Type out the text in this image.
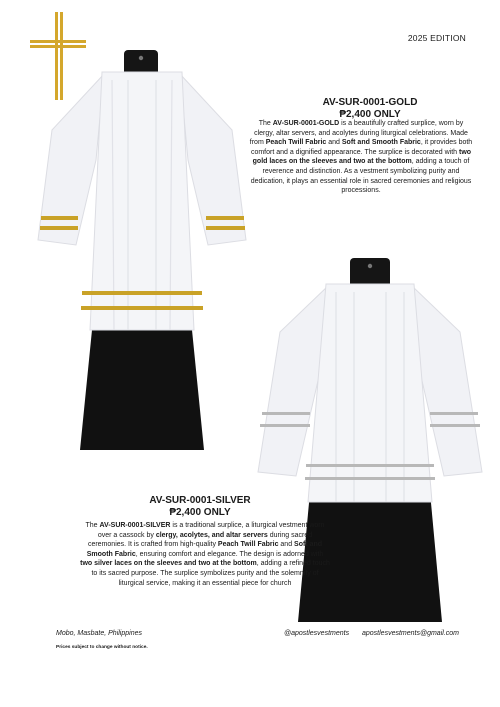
2025 EDITION
AV-SUR-0001-GOLD
₱2,400 ONLY
The AV-SUR-0001-GOLD is a beautifully crafted surplice, worn by clergy, altar servers, and acolytes during liturgical celebrations. Made from Peach Twill Fabric and Soft and Smooth Fabric, it provides both comfort and a dignified appearance. The surplice is decorated with two gold laces on the sleeves and two at the bottom, adding a touch of reverence and distinction. As a vestment symbolizing purity and dedication, it plays an essential role in sacred ceremonies and religious processions.
AV-SUR-0001-SILVER
₱2,400 ONLY
The AV-SUR-0001-SILVER is a traditional surplice, a liturgical vestment worn over a cassock by clergy, acolytes, and altar servers during sacred ceremonies. It is crafted from high-quality Peach Twill Fabric and Soft and Smooth Fabric, ensuring comfort and elegance. The design is adorned with two silver laces on the sleeves and two at the bottom, adding a refined touch to its sacred purpose. The surplice symbolizes purity and the solemnity of liturgical service, making it an essential piece for church
Mobo, Masbate, Philippines
Prices subject to change without notice.
@apostlesvestments apostlesvestments@gmail.com
